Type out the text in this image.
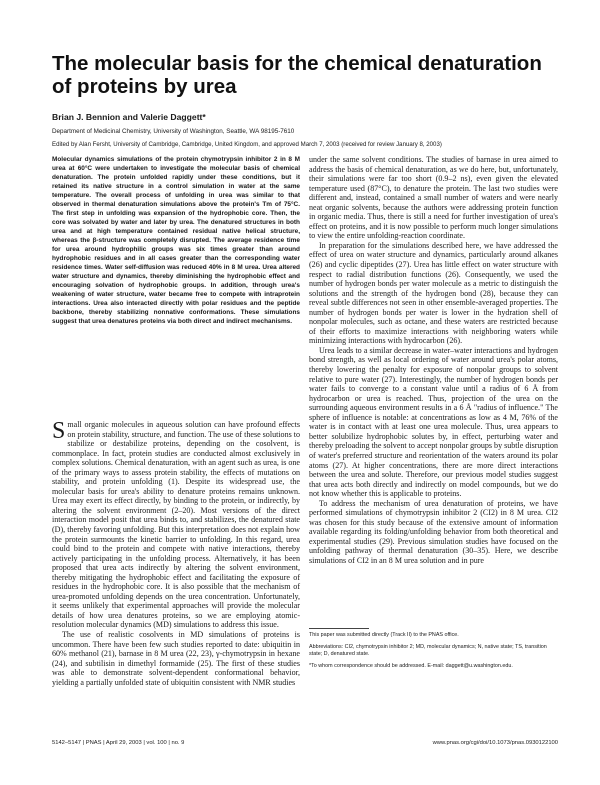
The molecular basis for the chemical denaturation of proteins by urea
Brian J. Bennion and Valerie Daggett*
Department of Medicinal Chemistry, University of Washington, Seattle, WA 98195-7610
Edited by Alan Fersht, University of Cambridge, Cambridge, United Kingdom, and approved March 7, 2003 (received for review January 8, 2003)

Molecular dynamics simulations of the protein chymotrypsin inhibitor 2 in 8 M urea at 60°C were undertaken to investigate the molecular basis of chemical denaturation. The protein unfolded rapidly under these conditions, but it retained its native structure in a control simulation in water at the same temperature. The overall process of unfolding in urea was similar to that observed in thermal denaturation simulations above the protein's Tm of 75°C. The first step in unfolding was expansion of the hydrophobic core. Then, the core was solvated by water and later by urea. The denatured structures in both urea and at high temperature contained residual native helical structure, whereas the β-structure was completely disrupted. The average residence time for urea around hydrophilic groups was six times greater than around hydrophobic residues and in all cases greater than the corresponding water residence times. Water self-diffusion was reduced 40% in 8 M urea. Urea altered water structure and dynamics, thereby diminishing the hydrophobic effect and encouraging solvation of hydrophobic groups. In addition, through urea's weakening of water structure, water became free to compete with intraprotein interactions. Urea also interacted directly with polar residues and the peptide backbone, thereby stabilizing nonnative conformations. These simulations suggest that urea denatures proteins via both direct and indirect mechanisms.

Small organic molecules in aqueous solution can have profound effects on protein stability, structure, and function. The use of these solutions to stabilize or destabilize proteins, depending on the cosolvent, is commonplace. In fact, protein studies are conducted almost exclusively in complex solutions. Chemical denaturation, with an agent such as urea, is one of the primary ways to assess protein stability, the effects of mutations on stability, and protein unfolding (1). Despite its widespread use, the molecular basis for urea's ability to denature proteins remains unknown. Urea may exert its effect directly, by binding to the protein, or indirectly, by altering the solvent environment (2–20). Most versions of the direct interaction model posit that urea binds to, and stabilizes, the denatured state (D), thereby favoring unfolding. But this interpretation does not explain how the protein surmounts the kinetic barrier to unfolding. In this regard, urea could bind to the protein and compete with native interactions, thereby actively participating in the unfolding process. Alternatively, it has been proposed that urea acts indirectly by altering the solvent environment, thereby mitigating the hydrophobic effect and facilitating the exposure of residues in the hydrophobic core. It is also possible that the mechanism of urea-promoted unfolding depends on the urea concentration. Unfortunately, it seems unlikely that experimental approaches will provide the molecular details of how urea denatures proteins, so we are employing atomic-resolution molecular dynamics (MD) simulations to address this issue.

The use of realistic cosolvents in MD simulations of proteins is uncommon. There have been few such studies reported to date: ubiquitin in 60% methanol (21), barnase in 8 M urea (22, 23), γ-chymotrypsin in hexane (24), and subtilisin in dimethyl formamide (25). The first of these studies was able to demonstrate solvent-dependent conformational behavior, yielding a partially unfolded state of ubiquitin consistent with NMR studies

under the same solvent conditions. The studies of barnase in urea aimed to address the basis of chemical denaturation, as we do here, but, unfortunately, their simulations were far too short (0.9–2 ns), even given the elevated temperature used (87°C), to denature the protein. The last two studies were different and, instead, contained a small number of waters and were nearly neat organic solvents, because the authors were addressing protein function in organic media. Thus, there is still a need for further investigation of urea's effect on proteins, and it is now possible to perform much longer simulations to view the entire unfolding-reaction coordinate.

In preparation for the simulations described here, we have addressed the effect of urea on water structure and dynamics, particularly around alkanes (26) and cyclic dipeptides (27). Urea has little effect on water structure with respect to radial distribution functions (26). Consequently, we used the number of hydrogen bonds per water molecule as a metric to distinguish the solutions and the strength of the hydrogen bond (28), because they can reveal subtle differences not seen in other ensemble-averaged properties. The number of hydrogen bonds per water is lower in the hydration shell of nonpolar molecules, such as octane, and these waters are restricted because of their efforts to maximize interactions with neighboring waters while minimizing interactions with hydrocarbon (26).

Urea leads to a similar decrease in water–water interactions and hydrogen bond strength, as well as local ordering of water around urea's polar atoms, thereby lowering the penalty for exposure of nonpolar groups to solvent relative to pure water (27). Interestingly, the number of hydrogen bonds per water fails to converge to a constant value until a radius of 6 Å from hydrocarbon or urea is reached. Thus, projection of the urea on the surrounding aqueous environment results in a 6 Å "radius of influence." The sphere of influence is notable: at concentrations as low as 4 M, 76% of the water is in contact with at least one urea molecule. Thus, urea appears to better solubilize hydrophobic solutes by, in effect, perturbing water and thereby preloading the solvent to accept nonpolar groups by subtle disruption of water's preferred structure and reorientation of the waters around its polar atoms (27). At higher concentrations, there are more direct interactions between the urea and solute. Therefore, our previous model studies suggest that urea acts both directly and indirectly on model compounds, but we do not know whether this is applicable to proteins.

To address the mechanism of urea denaturation of proteins, we have performed simulations of chymotrypsin inhibitor 2 (CI2) in 8 M urea. CI2 was chosen for this study because of the extensive amount of information available regarding its folding/unfolding behavior from both theoretical and experimental studies (29). Previous simulation studies have focused on the unfolding pathway of thermal denaturation (30–35). Here, we describe simulations of CI2 in an 8 M urea solution and in pure

This paper was submitted directly (Track II) to the PNAS office.

Abbreviations: CI2, chymotrypsin inhibitor 2; MD, molecular dynamics; N, native state; TS, transition state; D, denatured state.

*To whom correspondence should be addressed. E-mail: daggett@u.washington.edu.

5142–5147 | PNAS | April 29, 2003 | vol. 100 | no. 9	www.pnas.org/cgi/doi/10.1073/pnas.0930122100
